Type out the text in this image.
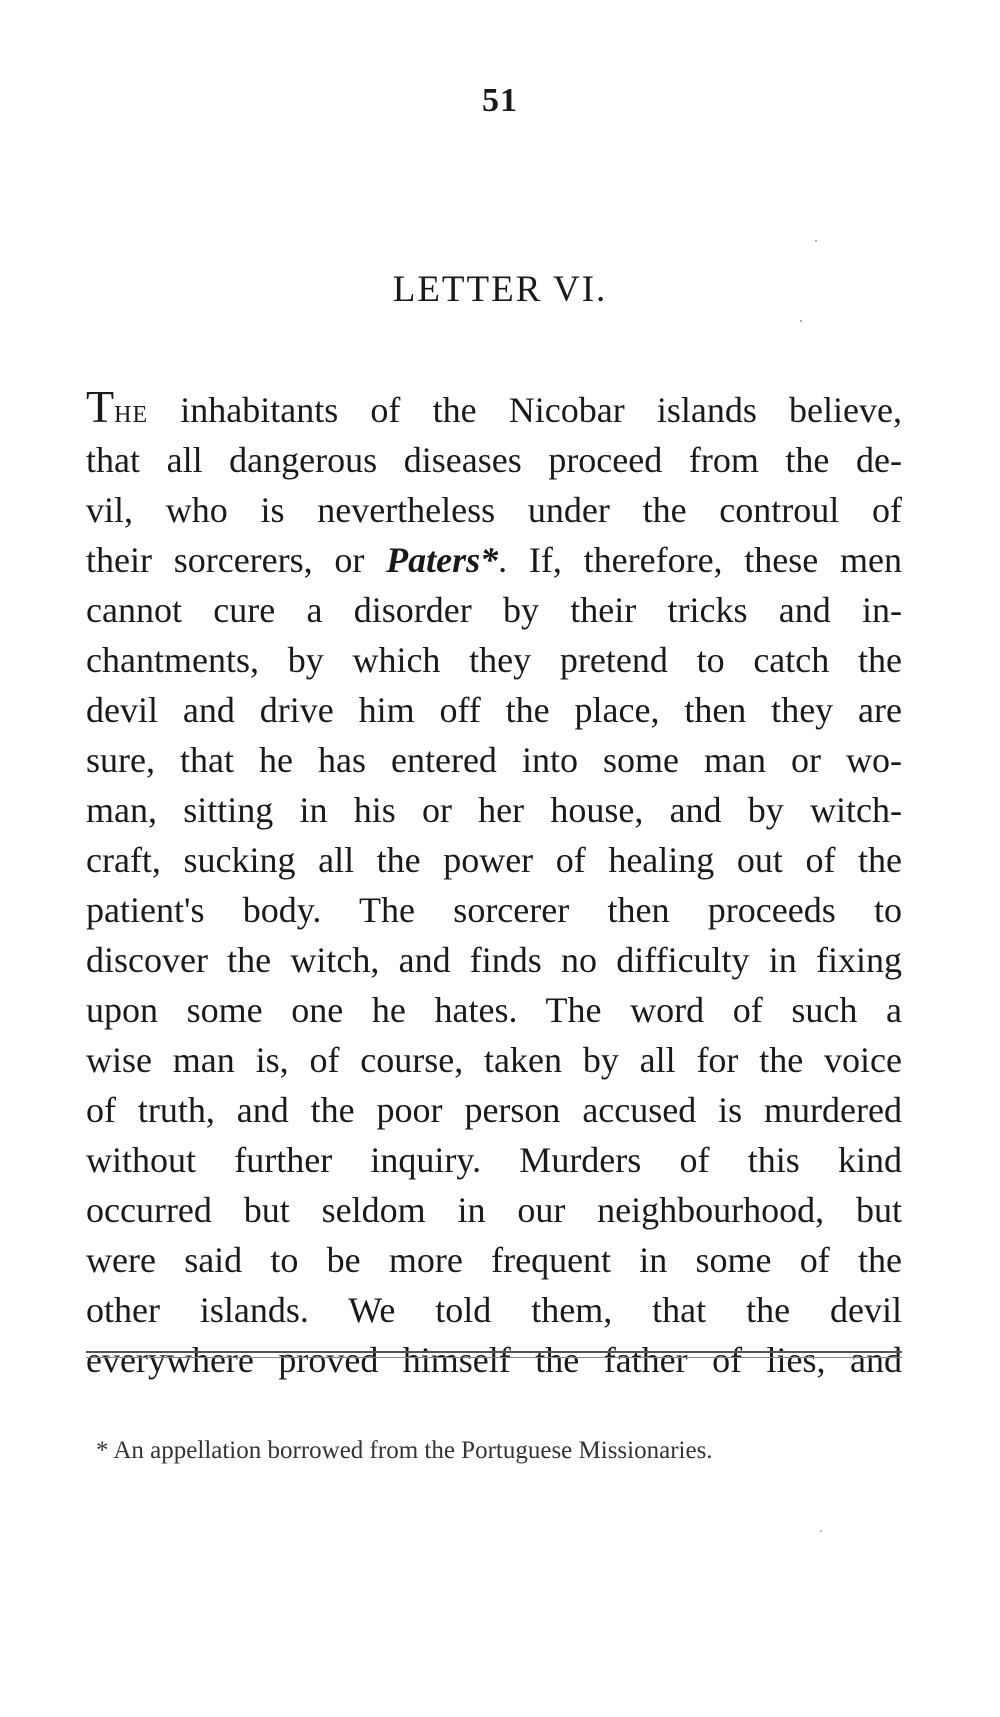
51
LETTER VI.
THE inhabitants of the Nicobar islands believe,
that all dangerous diseases proceed from the de-
vil, who is nevertheless under the controul of
their sorcerers, or Paters*. If, therefore, these men
cannot cure a disorder by their tricks and in-
chantments, by which they pretend to catch the
devil and drive him off the place, then they are
sure, that he has entered into some man or wo-
man, sitting in his or her house, and by witch-
craft, sucking all the power of healing out of the
patient's body. The sorcerer then proceeds to
discover the witch, and finds no difficulty in fixing
upon some one he hates. The word of such a
wise man is, of course, taken by all for the voice
of truth, and the poor person accused is murdered
without further inquiry. Murders of this kind
occurred but seldom in our neighbourhood, but
were said to be more frequent in some of the
other islands. We told them, that the devil
everywhere proved himself the father of lies, and
* An appellation borrowed from the Portuguese Missionaries.
